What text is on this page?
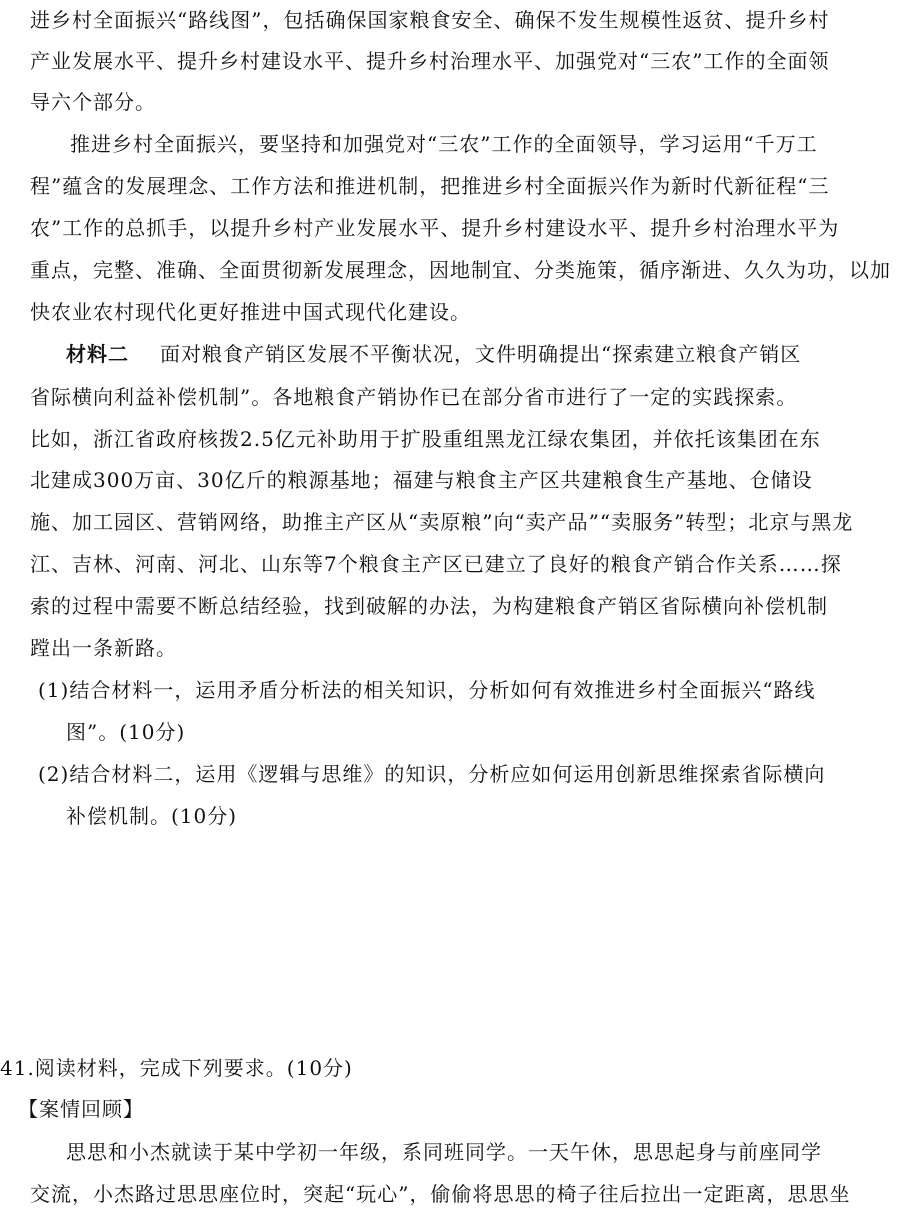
进乡村全面振兴“路线图”，包括确保国家粮食安全、确保不发生规模性返贫、提升乡村
产业发展水平、提升乡村建设水平、提升乡村治理水平、加强党对“三农”工作的全面领
导六个部分。
推进乡村全面振兴，要坚持和加强党对“三农”工作的全面领导，学习运用“千万工
程”蕴含的发展理念、工作方法和推进机制，把推进乡村全面振兴作为新时代新征程“三
农”工作的总抓手，以提升乡村产业发展水平、提升乡村建设水平、提升乡村治理水平为
重点，完整、准确、全面贯彻新发展理念，因地制宜、分类施策，循序渐进、久久为功，以加
快农业农村现代化更好推进中国式现代化建设。
材料二 面对粮食产销区发展不平衡状况，文件明确提出“探索建立粮食产销区
省际横向利益补偿机制”。各地粮食产销协作已在部分省市进行了一定的实践探索。
比如，浙江省政府核拨2.5亿元补助用于扩股重组黑龙江绿农集团，并依托该集团在东
北建成300万亩、30亿斤的粮源基地；福建与粮食主产区共建粮食生产基地、仓储设
施、加工园区、营销网络，助推主产区从“卖原粮”向“卖产品”“卖服务”转型；北京与黑龙
江、吉林、河南、河北、山东等7个粮食主产区已建立了良好的粮食产销合作关系……探
索的过程中需要不断总结经验，找到破解的办法，为构建粮食产销区省际横向补偿机制
蹚出一条新路。
(1)结合材料一，运用矛盾分析法的相关知识，分析如何有效推进乡村全面振兴“路线
图”。(10分)
(2)结合材料二，运用《逻辑与思维》的知识，分析应如何运用创新思维探索省际横向
补偿机制。(10分)
41.阅读材料，完成下列要求。(10分)
【案情回顾】
思思和小杰就读于某中学初一年级，系同班同学。一天午休，思思起身与前座同学
交流，小杰路过思思座位时，突起“玩心”，偷偷将思思的椅子往后拉出一定距离，思思坐
